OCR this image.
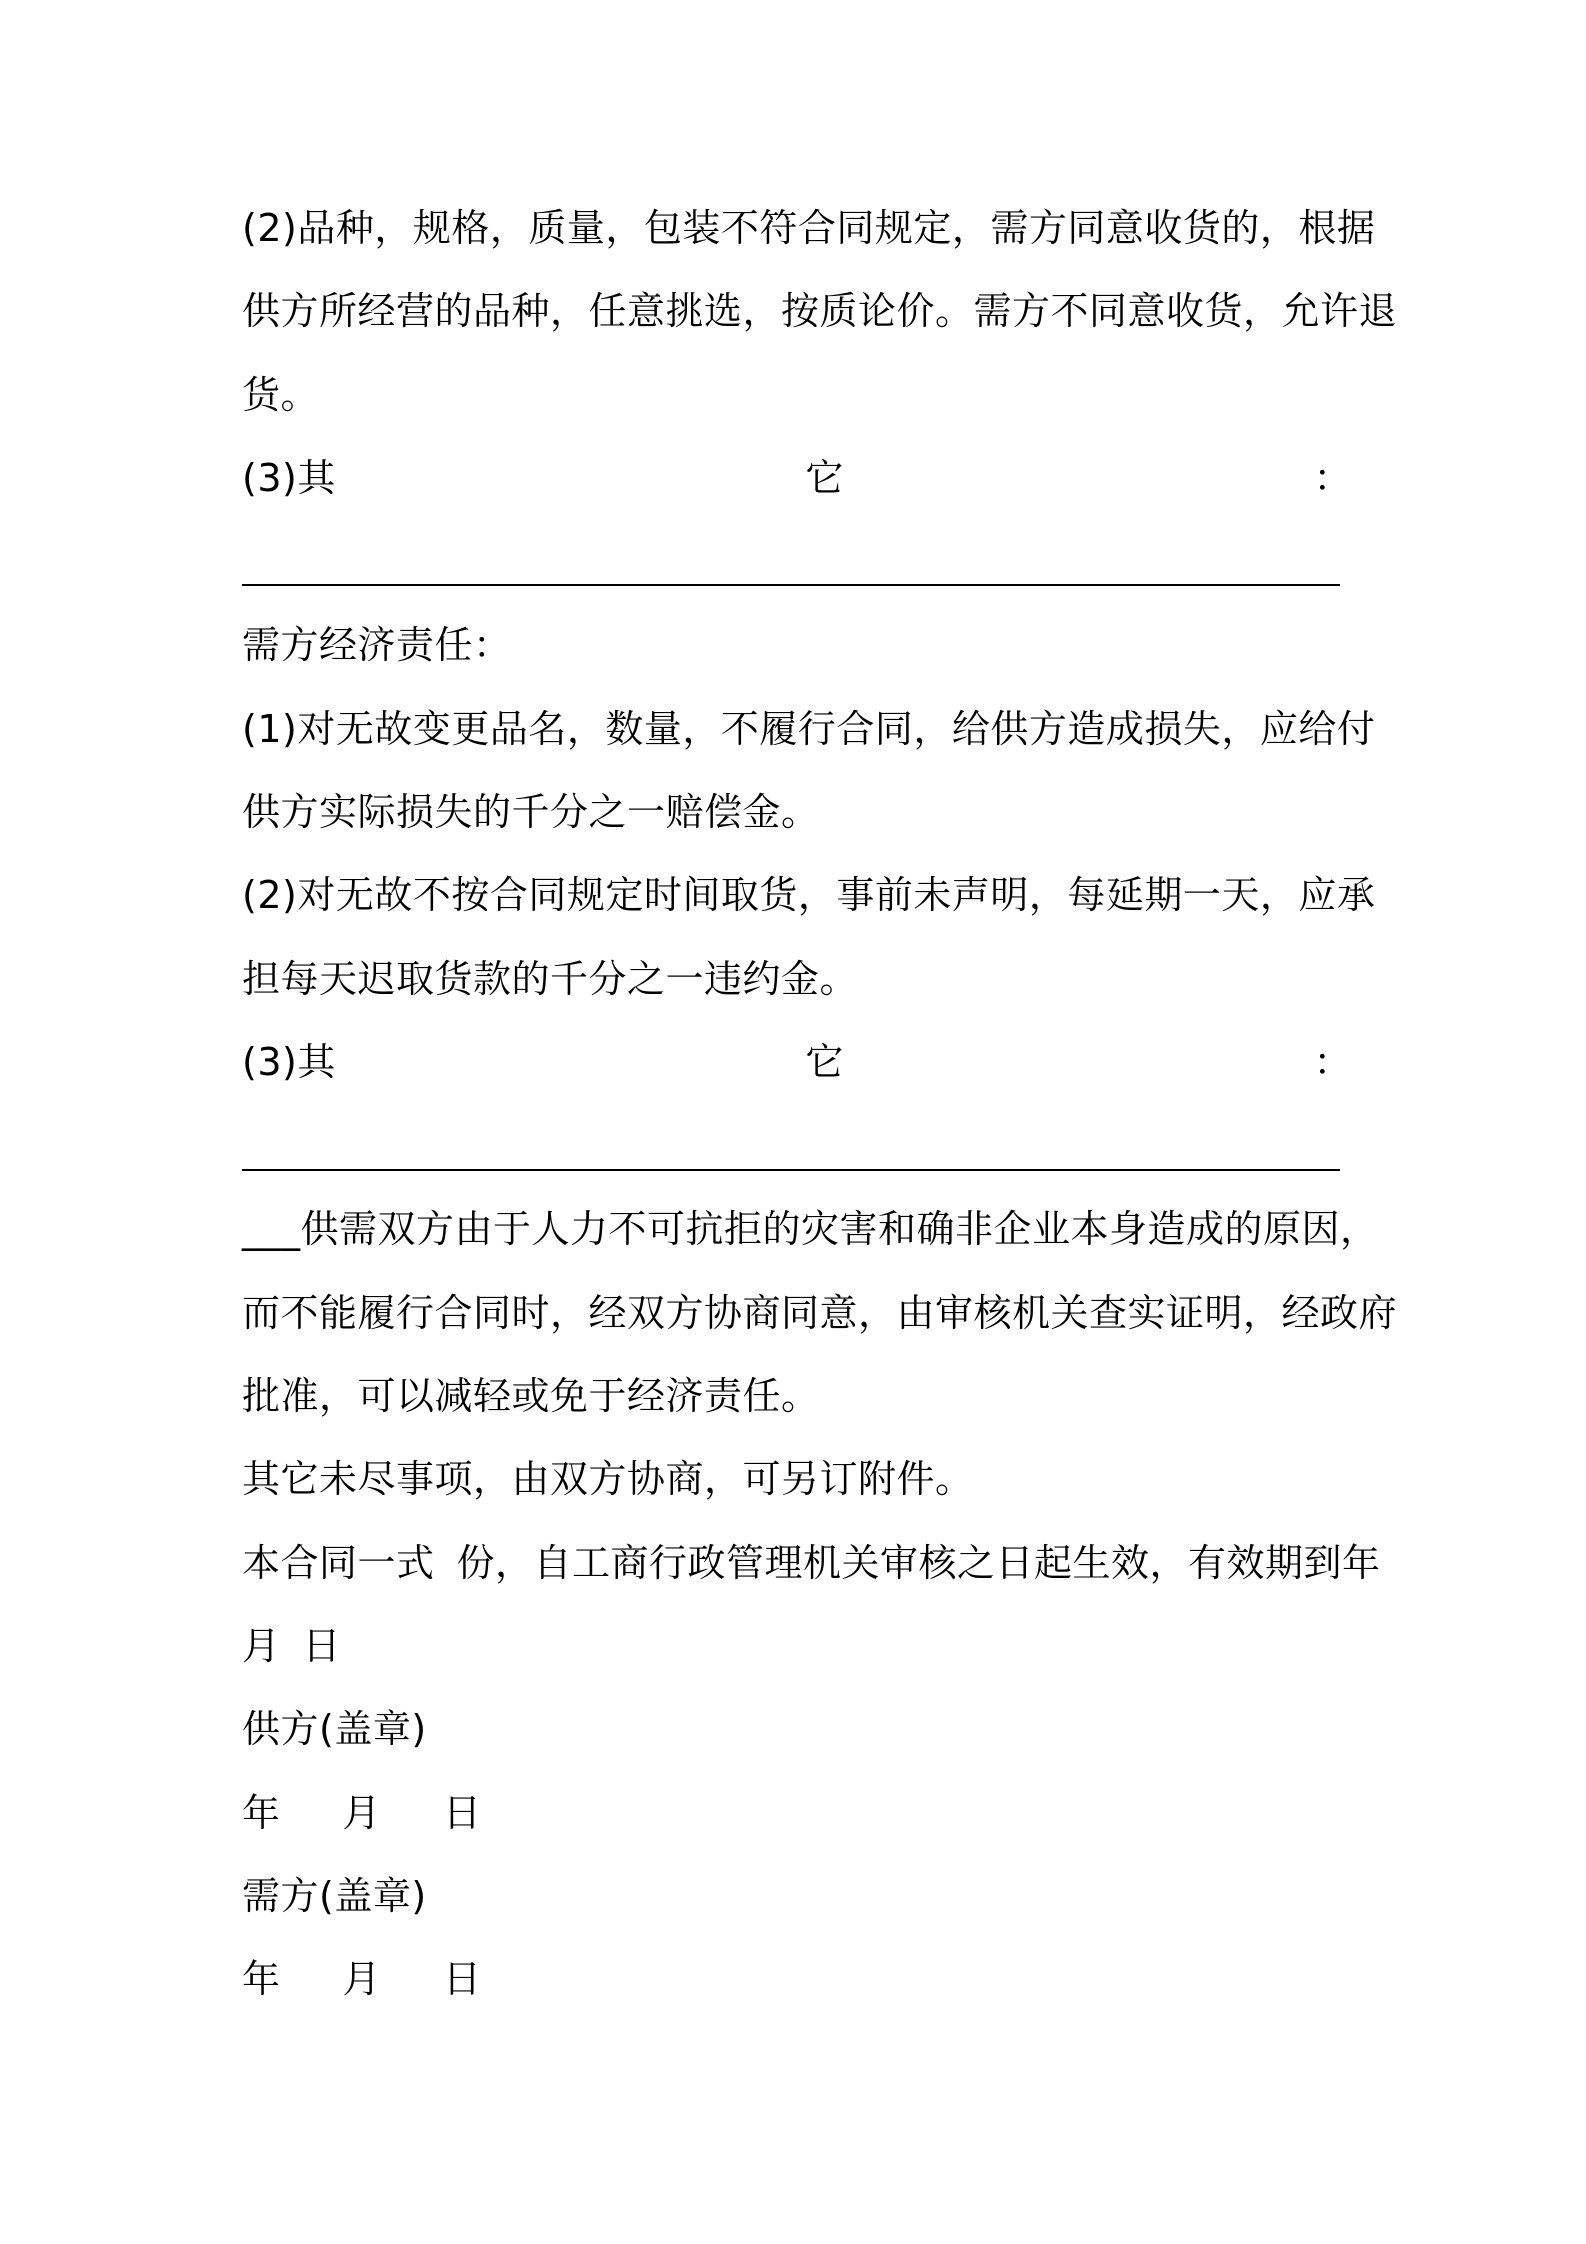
(2)品种，规格，质量，包装不符合同规定，需方同意收货的，根据
供方所经营的品种，任意挑选，按质论价。需方不同意收货，允许退
货。
(3)其	它	：
需方经济责任：
(1)对无故变更品名，数量，不履行合同，给供方造成损失，应给付
供方实际损失的千分之一赔偿金。
(2)对无故不按合同规定时间取货，事前未声明，每延期一天，应承
担每天迟取货款的千分之一违约金。
(3)其	它	：
___供需双方由于人力不可抗拒的灾害和确非企业本身造成的原因，
而不能履行合同时，经双方协商同意，由审核机关查实证明，经政府
批准，可以减轻或免于经济责任。
其它未尽事项，由双方协商，可另订附件。
本合同一式 份，自工商行政管理机关审核之日起生效，有效期到 年
月 日
供方(盖章)
年 月 日
需方(盖章)
年 月 日
